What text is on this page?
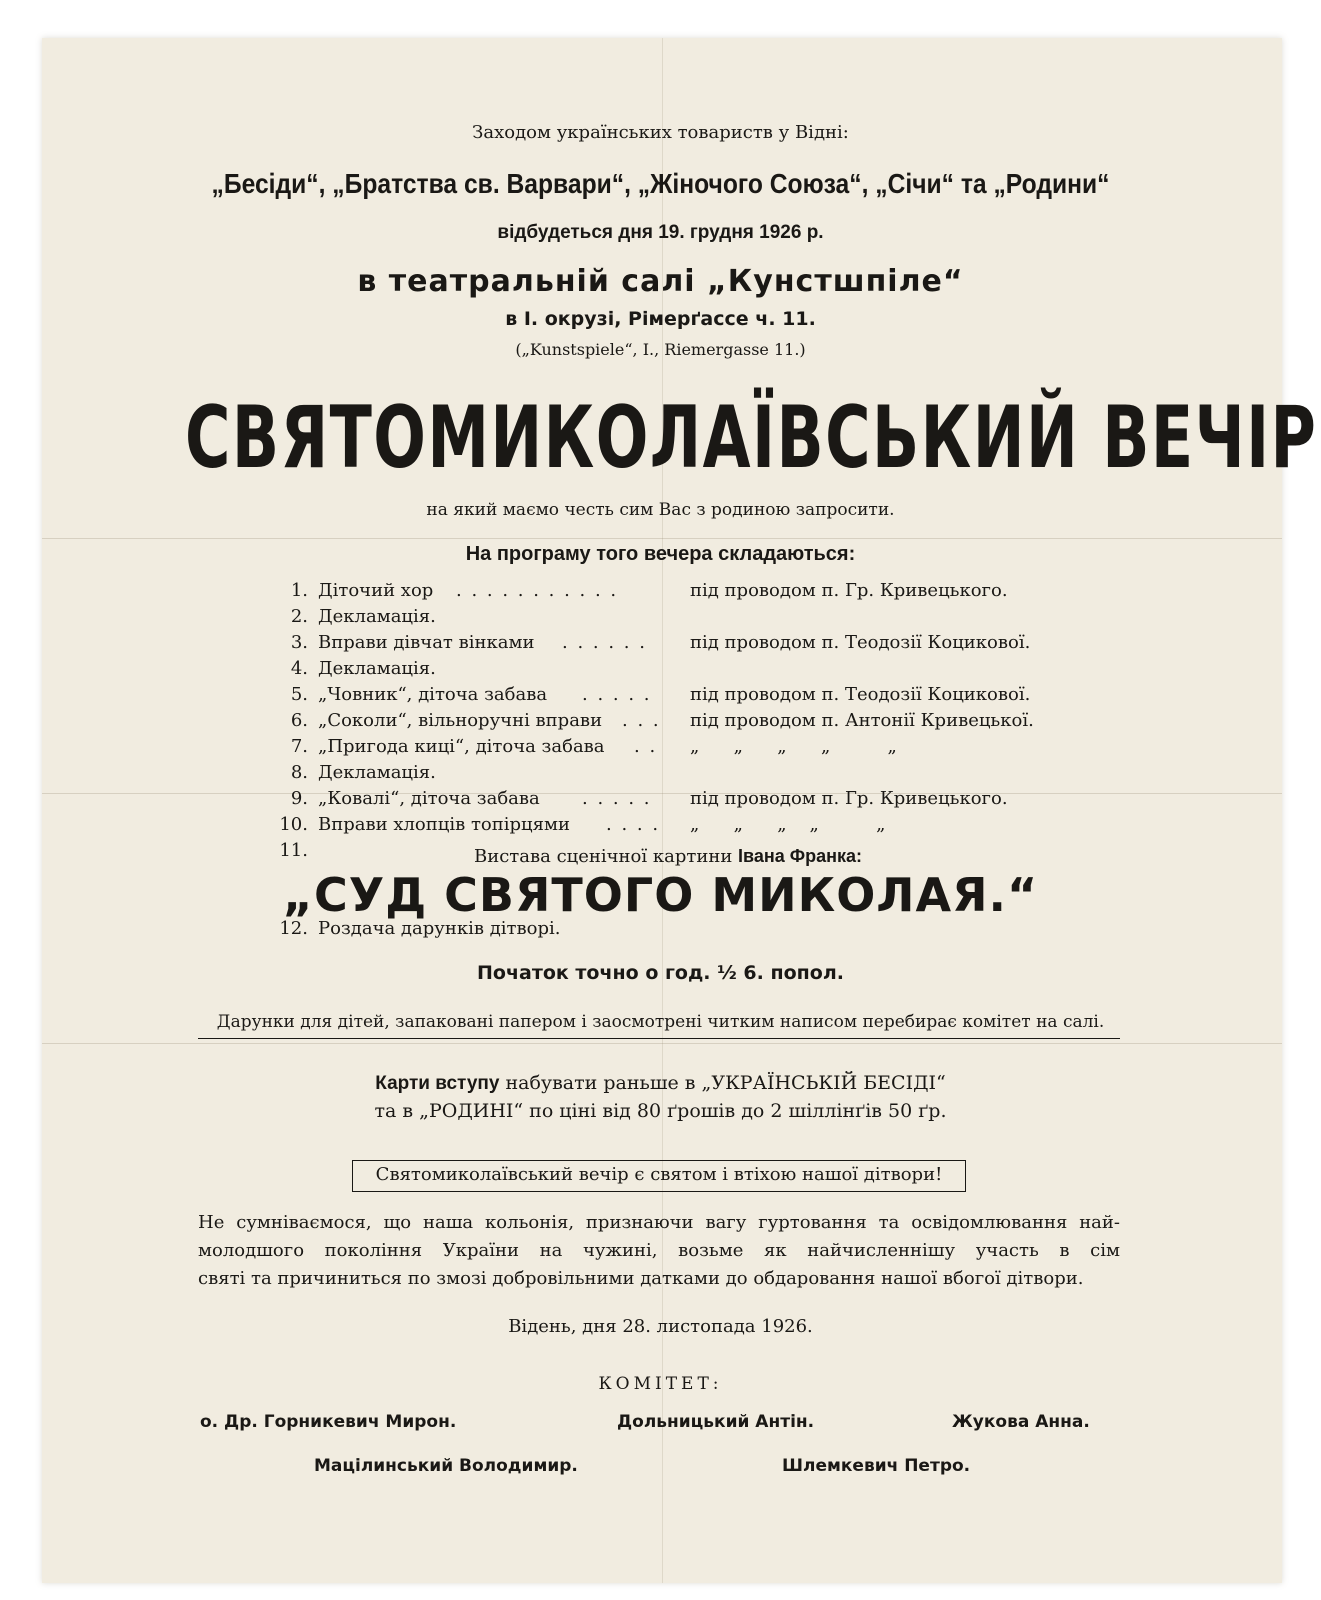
Заходом українських товариств у Відні:
„Бесіди“, „Братства св. Варвари“, „Жіночого Союза“, „Січи“ та „Родини“
відбудеться дня 19. грудня 1926 р.
в театральній салі „Кунстшпіле“
в І. окрузі, Рімерґассе ч. 11.
(„Kunstspiele“, I., Riemergasse 11.)
СВЯТОМИКОЛАЇВСЬКИЙ ВЕЧІР
на який маємо честь сим Вас з родиною запросити.
На програму того вечера складаються:
1. Діточий хор . . . . . . . . . . .	під проводом п. Гр. Кривецького.
2. Декламація.
3. Вправи дівчат вінками . . . . . . під проводом п. Теодозії Коцикової.
4. Декламація.
5. „Човник“, діточа забава . . . . . під проводом п. Теодозії Коцикової.
6. „Соколи“, вільноручні вправи . . . під проводом п. Антонії Кривецької.
7. „Пригода киці“, діточа забава . . „      „      „      „          „
8. Декламація.
9. „Ковалі“, діточа забава . . . . . під проводом п. Гр. Кривецького.
10. Вправи хлопців топірцями . . . . „      „      „    „          „
11.
12. Роздача дарунків дітворі.
Вистава сценічної картини Івана Франка:
„СУД СВЯТОГО МИКОЛАЯ.“
Початок точно о год. ½ 6. попол.
Дарунки для дітей, запаковані папером і заосмотрені читким написом перебирає комітет на салі.
Карти вступу набувати раньше в „УКРАЇНСЬКІЙ БЕСІДІ“
та в „РОДИНІ“ по ціні від 80 ґрошів до 2 шіллінґів 50 ґр.
Святомиколаївський вечір є святом і втіхою нашої дітвори!
Не сумніваємося, що наша кольонія, признаючи вагу гуртовання та освідомлювання най-
молодшого покоління України на чужині, возьме як найчисленнішу участь в сім
святі та причиниться по змозі добровільними датками до обдаровання нашої вбогої дітвори.
Відень, дня 28. листопада 1926.
КОМІТЕТ:
о. Др. Горникевич Мирон.	Дольницький Антін.	Жукова Анна.
Мацілинський Володимир.	Шлемкевич Петро.
